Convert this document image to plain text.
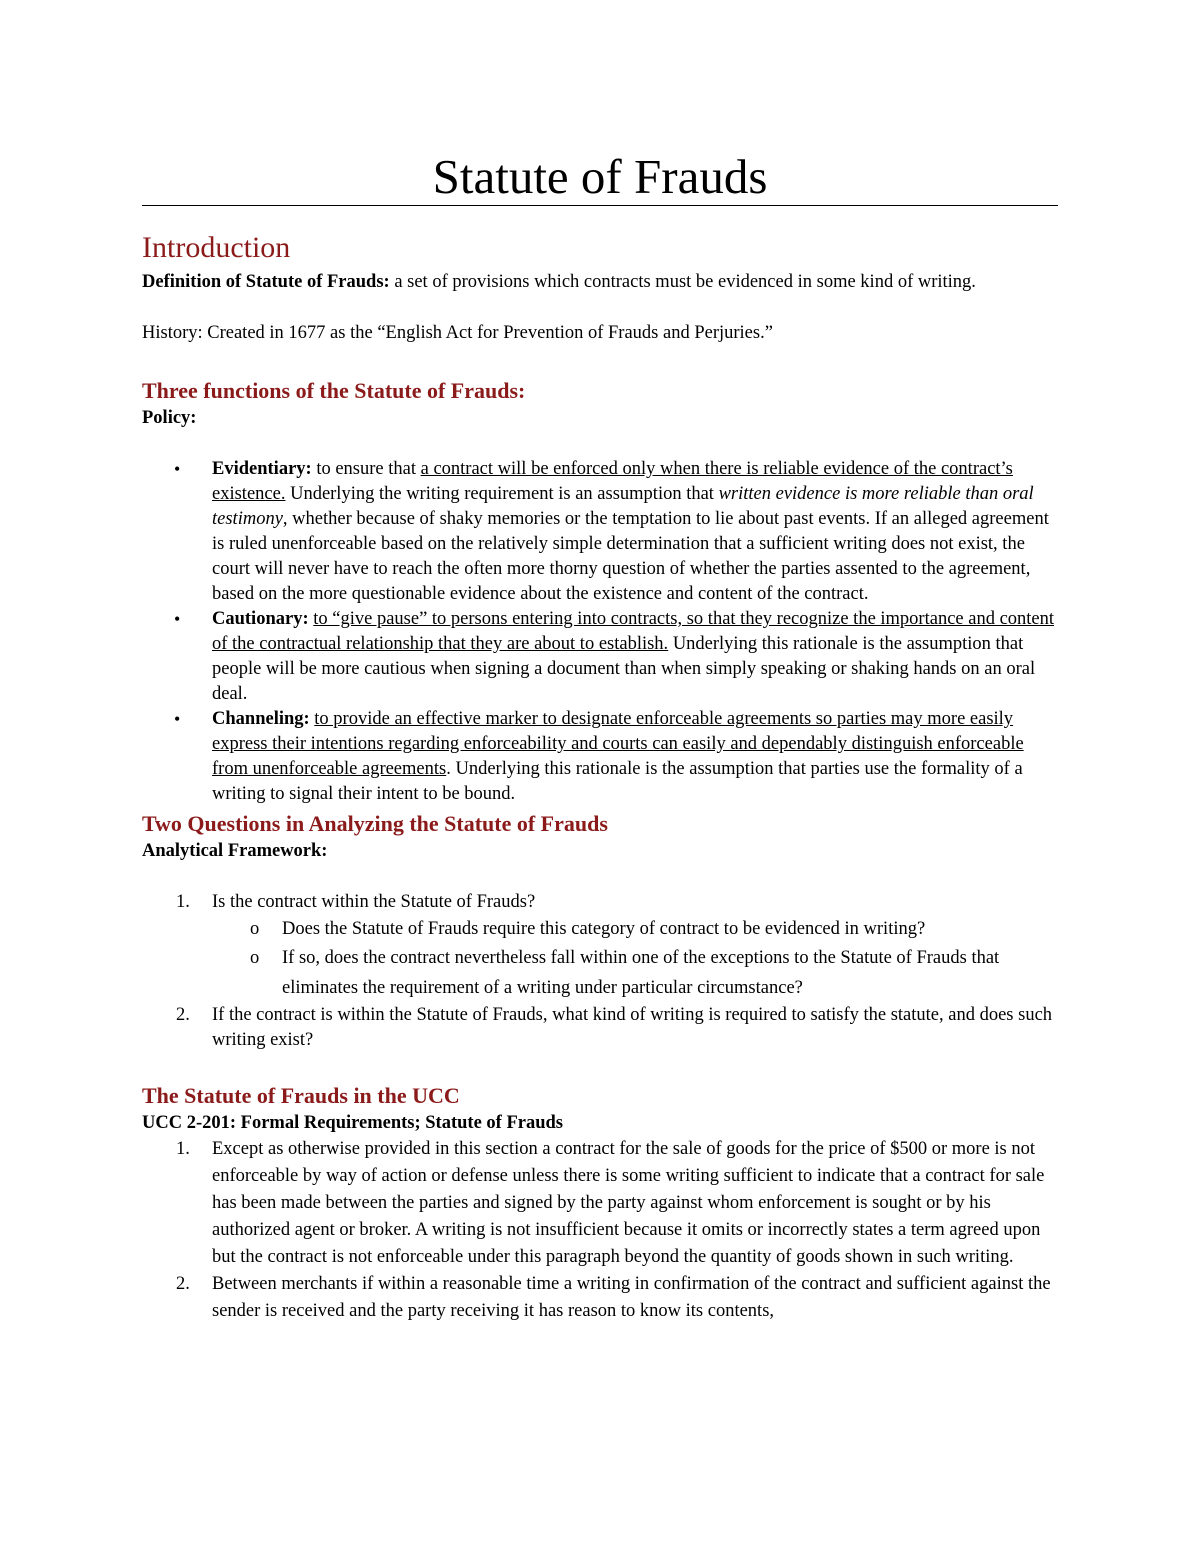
Statute of Frauds
Introduction

Definition of Statute of Frauds: a set of provisions which contracts must be evidenced in some kind of writing.

History: Created in 1677 as the “English Act for Prevention of Frauds and Perjuries.”

Three functions of the Statute of Frauds:

Policy:

• Evidentiary: to ensure that a contract will be enforced only when there is reliable evidence of the contract’s existence. Underlying the writing requirement is an assumption that written evidence is more reliable than oral testimony, whether because of shaky memories or the temptation to lie about past events. If an alleged agreement is ruled unenforceable based on the relatively simple determination that a sufficient writing does not exist, the court will never have to reach the often more thorny question of whether the parties assented to the agreement, based on the more questionable evidence about the existence and content of the contract.
• Cautionary: to “give pause” to persons entering into contracts, so that they recognize the importance and content of the contractual relationship that they are about to establish. Underlying this rationale is the assumption that people will be more cautious when signing a document than when simply speaking or shaking hands on an oral deal.
• Channeling: to provide an effective marker to designate enforceable agreements so parties may more easily express their intentions regarding enforceability and courts can easily and dependably distinguish enforceable from unenforceable agreements. Underlying this rationale is the assumption that parties use the formality of a writing to signal their intent to be bound.
Two Questions in Analyzing the Statute of Frauds

Analytical Framework:

1. Is the contract within the Statute of Frauds?
o Does the Statute of Frauds require this category of contract to be evidenced in writing?
o If so, does the contract nevertheless fall within one of the exceptions to the Statute of Frauds that eliminates the requirement of a writing under particular circumstance?
2. If the contract is within the Statute of Frauds, what kind of writing is required to satisfy the statute, and does such writing exist?
The Statute of Frauds in the UCC

UCC 2-201: Formal Requirements; Statute of Frauds

1. Except as otherwise provided in this section a contract for the sale of goods for the price of $500 or more is not enforceable by way of action or defense unless there is some writing sufficient to indicate that a contract for sale has been made between the parties and signed by the party against whom enforcement is sought or by his authorized agent or broker. A writing is not insufficient because it omits or incorrectly states a term agreed upon but the contract is not enforceable under this paragraph beyond the quantity of goods shown in such writing.
2. Between merchants if within a reasonable time a writing in confirmation of the contract and sufficient against the sender is received and the party receiving it has reason to know its contents,
